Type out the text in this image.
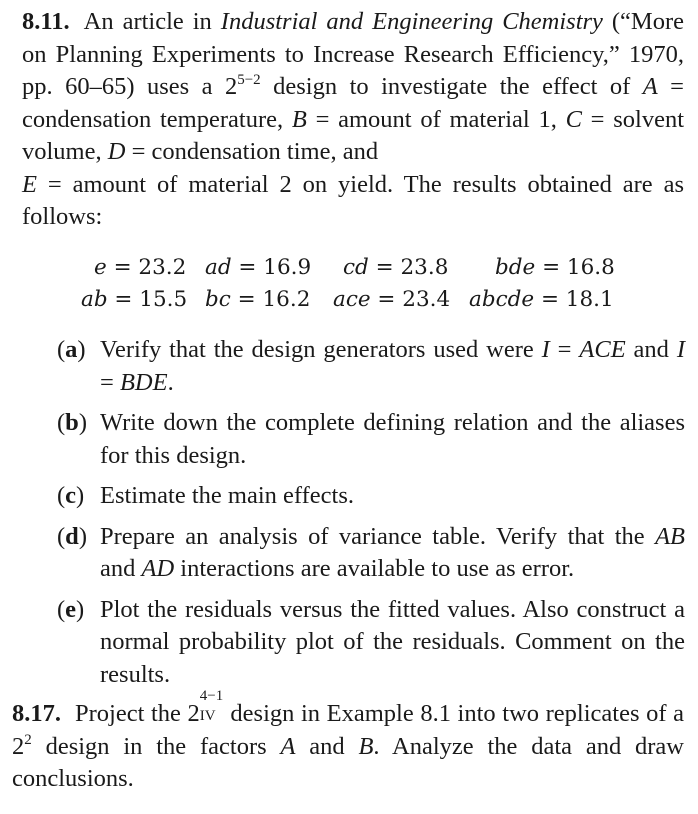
8.11. An article in Industrial and Engineering Chemistry (“More on Planning Experiments to Increase Research Efficiency,” 1970, pp. 60–65) uses a $2^{5-2}$ design to investigate the effect of A = condensation temperature, B = amount of material 1, C = solvent volume, D = condensation time, and
E = amount of material 2 on yield. The results obtained are as follows:
e = 23.2 ad = 16.9 cd = 23.8 bde = 16.8
ab = 15.5 bc = 16.2 ace = 23.4 abcde = 18.1
(a) Verify that the design generators used were I = ACE and I = BDE.
(b) Write down the complete defining relation and the aliases for this design.
(c) Estimate the main effects.
(d) Prepare an analysis of variance table. Verify that the AB and AD interactions are available to use as error.
(e) Plot the residuals versus the fitted values. Also construct a normal probability plot of the residuals. Comment on the results.
8.17. Project the 2
4−1
IV design in Example 8.1 into two replicates of a $2^2$ design in the factors A and B. Analyze the data and draw conclusions.
